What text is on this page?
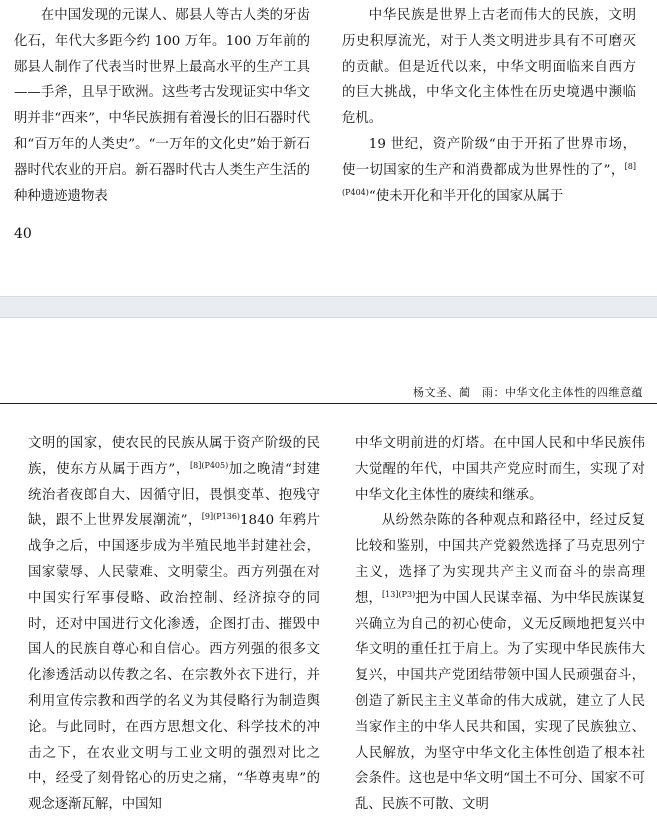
在中国发现的元谋人、郧县人等古人类的牙齿化石，年代大多距今约 100 万年。100 万年前的郧县人制作了代表当时世界上最高水平的生产工具——手斧，且早于欧洲。这些考古发现证实中华文明并非“西来”，中华民族拥有着漫长的旧石器时代和“百万年的人类史”。“一万年的文化史”始于新石器时代农业的开启。新石器时代古人类生产生活的种种遗迹遗物表

中华民族是世界上古老而伟大的民族，文明历史积厚流光，对于人类文明进步具有不可磨灭的贡献。但是近代以来，中华文明面临来自西方的巨大挑战，中华文化主体性在历史境遇中濒临危机。

19 世纪，资产阶级“由于开拓了世界市场，使一切国家的生产和消费都成为世界性的了”，$^{[8](P404)}$“使未开化和半开化的国家从属于

40
杨文圣、蔺　雨：中华文化主体性的四维意蕴

文明的国家，使农民的民族从属于资产阶级的民族，使东方从属于西方”，$^{[8](P405)}$加之晚清“封建统治者夜郎自大、因循守旧，畏惧变革、抱残守缺，跟不上世界发展潮流”，$^{[9](P136)}$1840 年鸦片战争之后，中国逐步成为半殖民地半封建社会，国家蒙辱、人民蒙难、文明蒙尘。西方列强在对中国实行军事侵略、政治控制、经济掠夺的同时，还对中国进行文化渗透，企图打击、摧毁中国人的民族自尊心和自信心。西方列强的很多文化渗透活动以传教之名、在宗教外衣下进行，并利用宣传宗教和西学的名义为其侵略行为制造舆论。与此同时，在西方思想文化、科学技术的冲击之下，在农业文明与工业文明的强烈对比之中，经受了刻骨铭心的历史之痛，“华尊夷卑”的观念逐渐瓦解，中国知

中华文明前进的灯塔。在中国人民和中华民族伟大觉醒的年代，中国共产党应时而生，实现了对中华文化主体性的赓续和继承。

从纷然杂陈的各种观点和路径中，经过反复比较和鉴别，中国共产党毅然选择了马克思列宁主义，选择了为实现共产主义而奋斗的崇高理想，$^{[13](P3)}$把为中国人民谋幸福、为中华民族谋复兴确立为自己的初心使命，义无反顾地把复兴中华文明的重任扛于肩上。为了实现中华民族伟大复兴，中国共产党团结带领中国人民顽强奋斗，创造了新民主主义革命的伟大成就，建立了人民当家作主的中华人民共和国，实现了民族独立、人民解放，为坚守中华文化主体性创造了根本社会条件。这也是中华文明“国土不可分、国家不可乱、民族不可散、文明
